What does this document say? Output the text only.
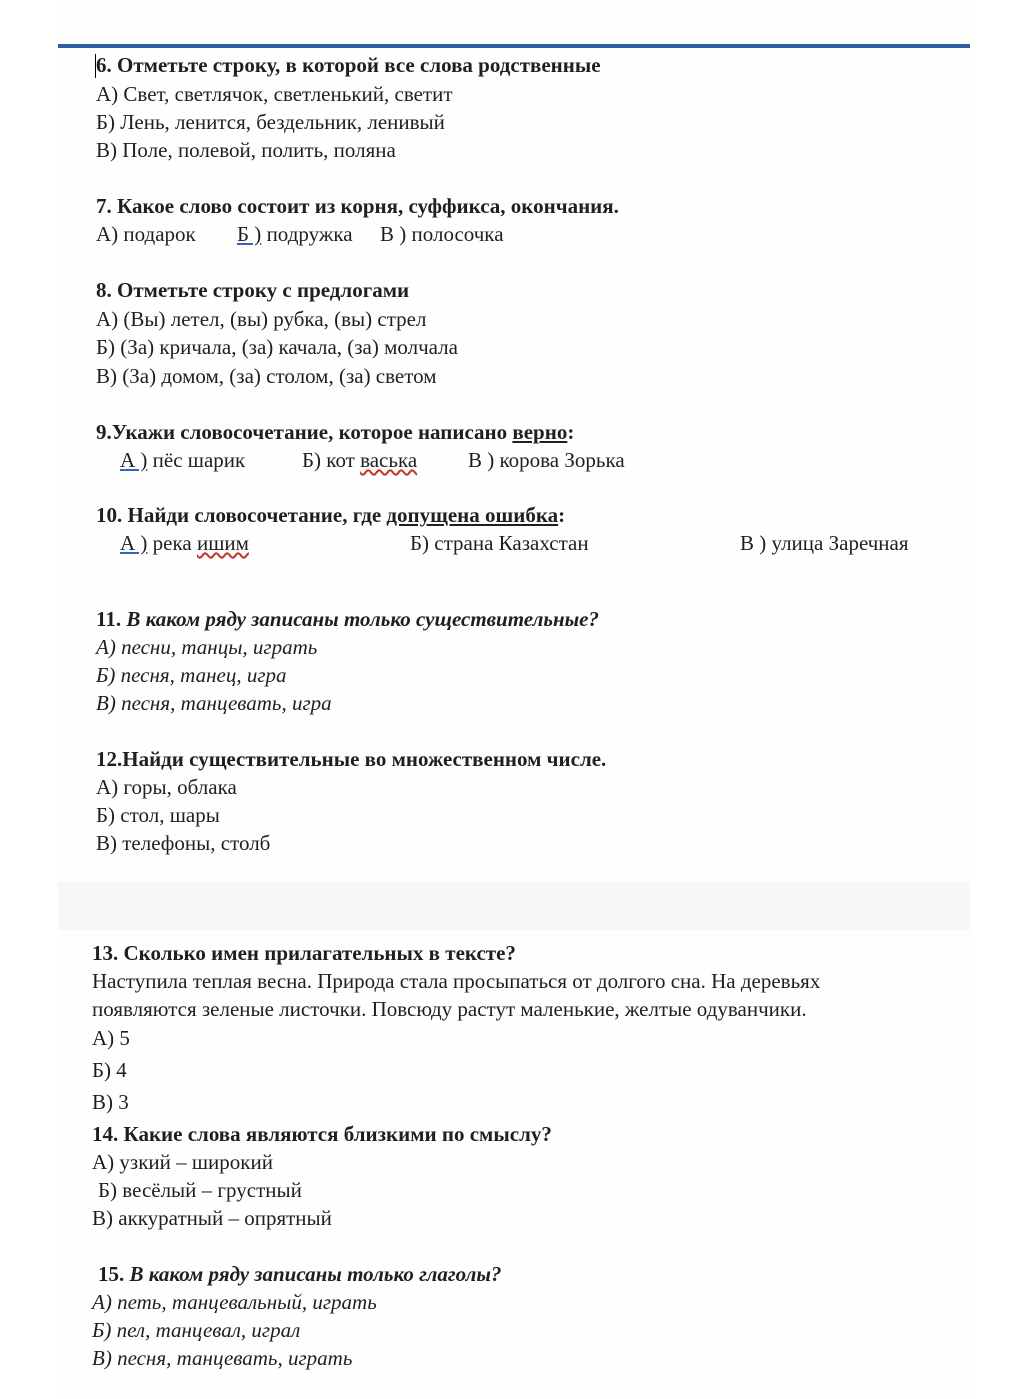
6. Отметьте строку, в которой все слова родственные
А) Свет, светлячок, светленький, светит
Б) Лень, ленится, бездельник, ленивый
В) Поле, полевой, полить, поляна
7. Какое слово состоит из корня, суффикса, окончания.
А) подарок Б ) подружка В ) полосочка
8. Отметьте строку с предлогами
А) (Вы) летел, (вы) рубка, (вы) стрел
Б) (За) кричала, (за) качала, (за) молчала
В) (За) домом, (за) столом, (за) светом
9.Укажи словосочетание, которое написано верно:
А ) пёс шарик	Б) кот васька В ) корова Зорька
10. Найди словосочетание, где допущена ошибка:
А ) река ишим	Б) страна Казахстан	В ) улица Заречная
11. В каком ряду записаны только существительные?
А) песни, танцы, играть
Б) песня, танец, игра
В) песня, танцевать, игра
12.Найди существительные во множественном числе.
А) горы, облака
Б) стол, шары
В) телефоны, столб
13. Сколько имен прилагательных в тексте?
Наступила теплая весна. Природа стала просыпаться от долгого сна. На деревьях
появляются зеленые листочки. Повсюду растут маленькие, желтые одуванчики.
А) 5
Б) 4
В) 3
14. Какие слова являются близкими по смыслу?
А) узкий – широкий
Б) весёлый – грустный
В) аккуратный – опрятный
15. В каком ряду записаны только глаголы?
А) петь, танцевальный, играть
Б) пел, танцевал, играл
В) песня, танцевать, играть
